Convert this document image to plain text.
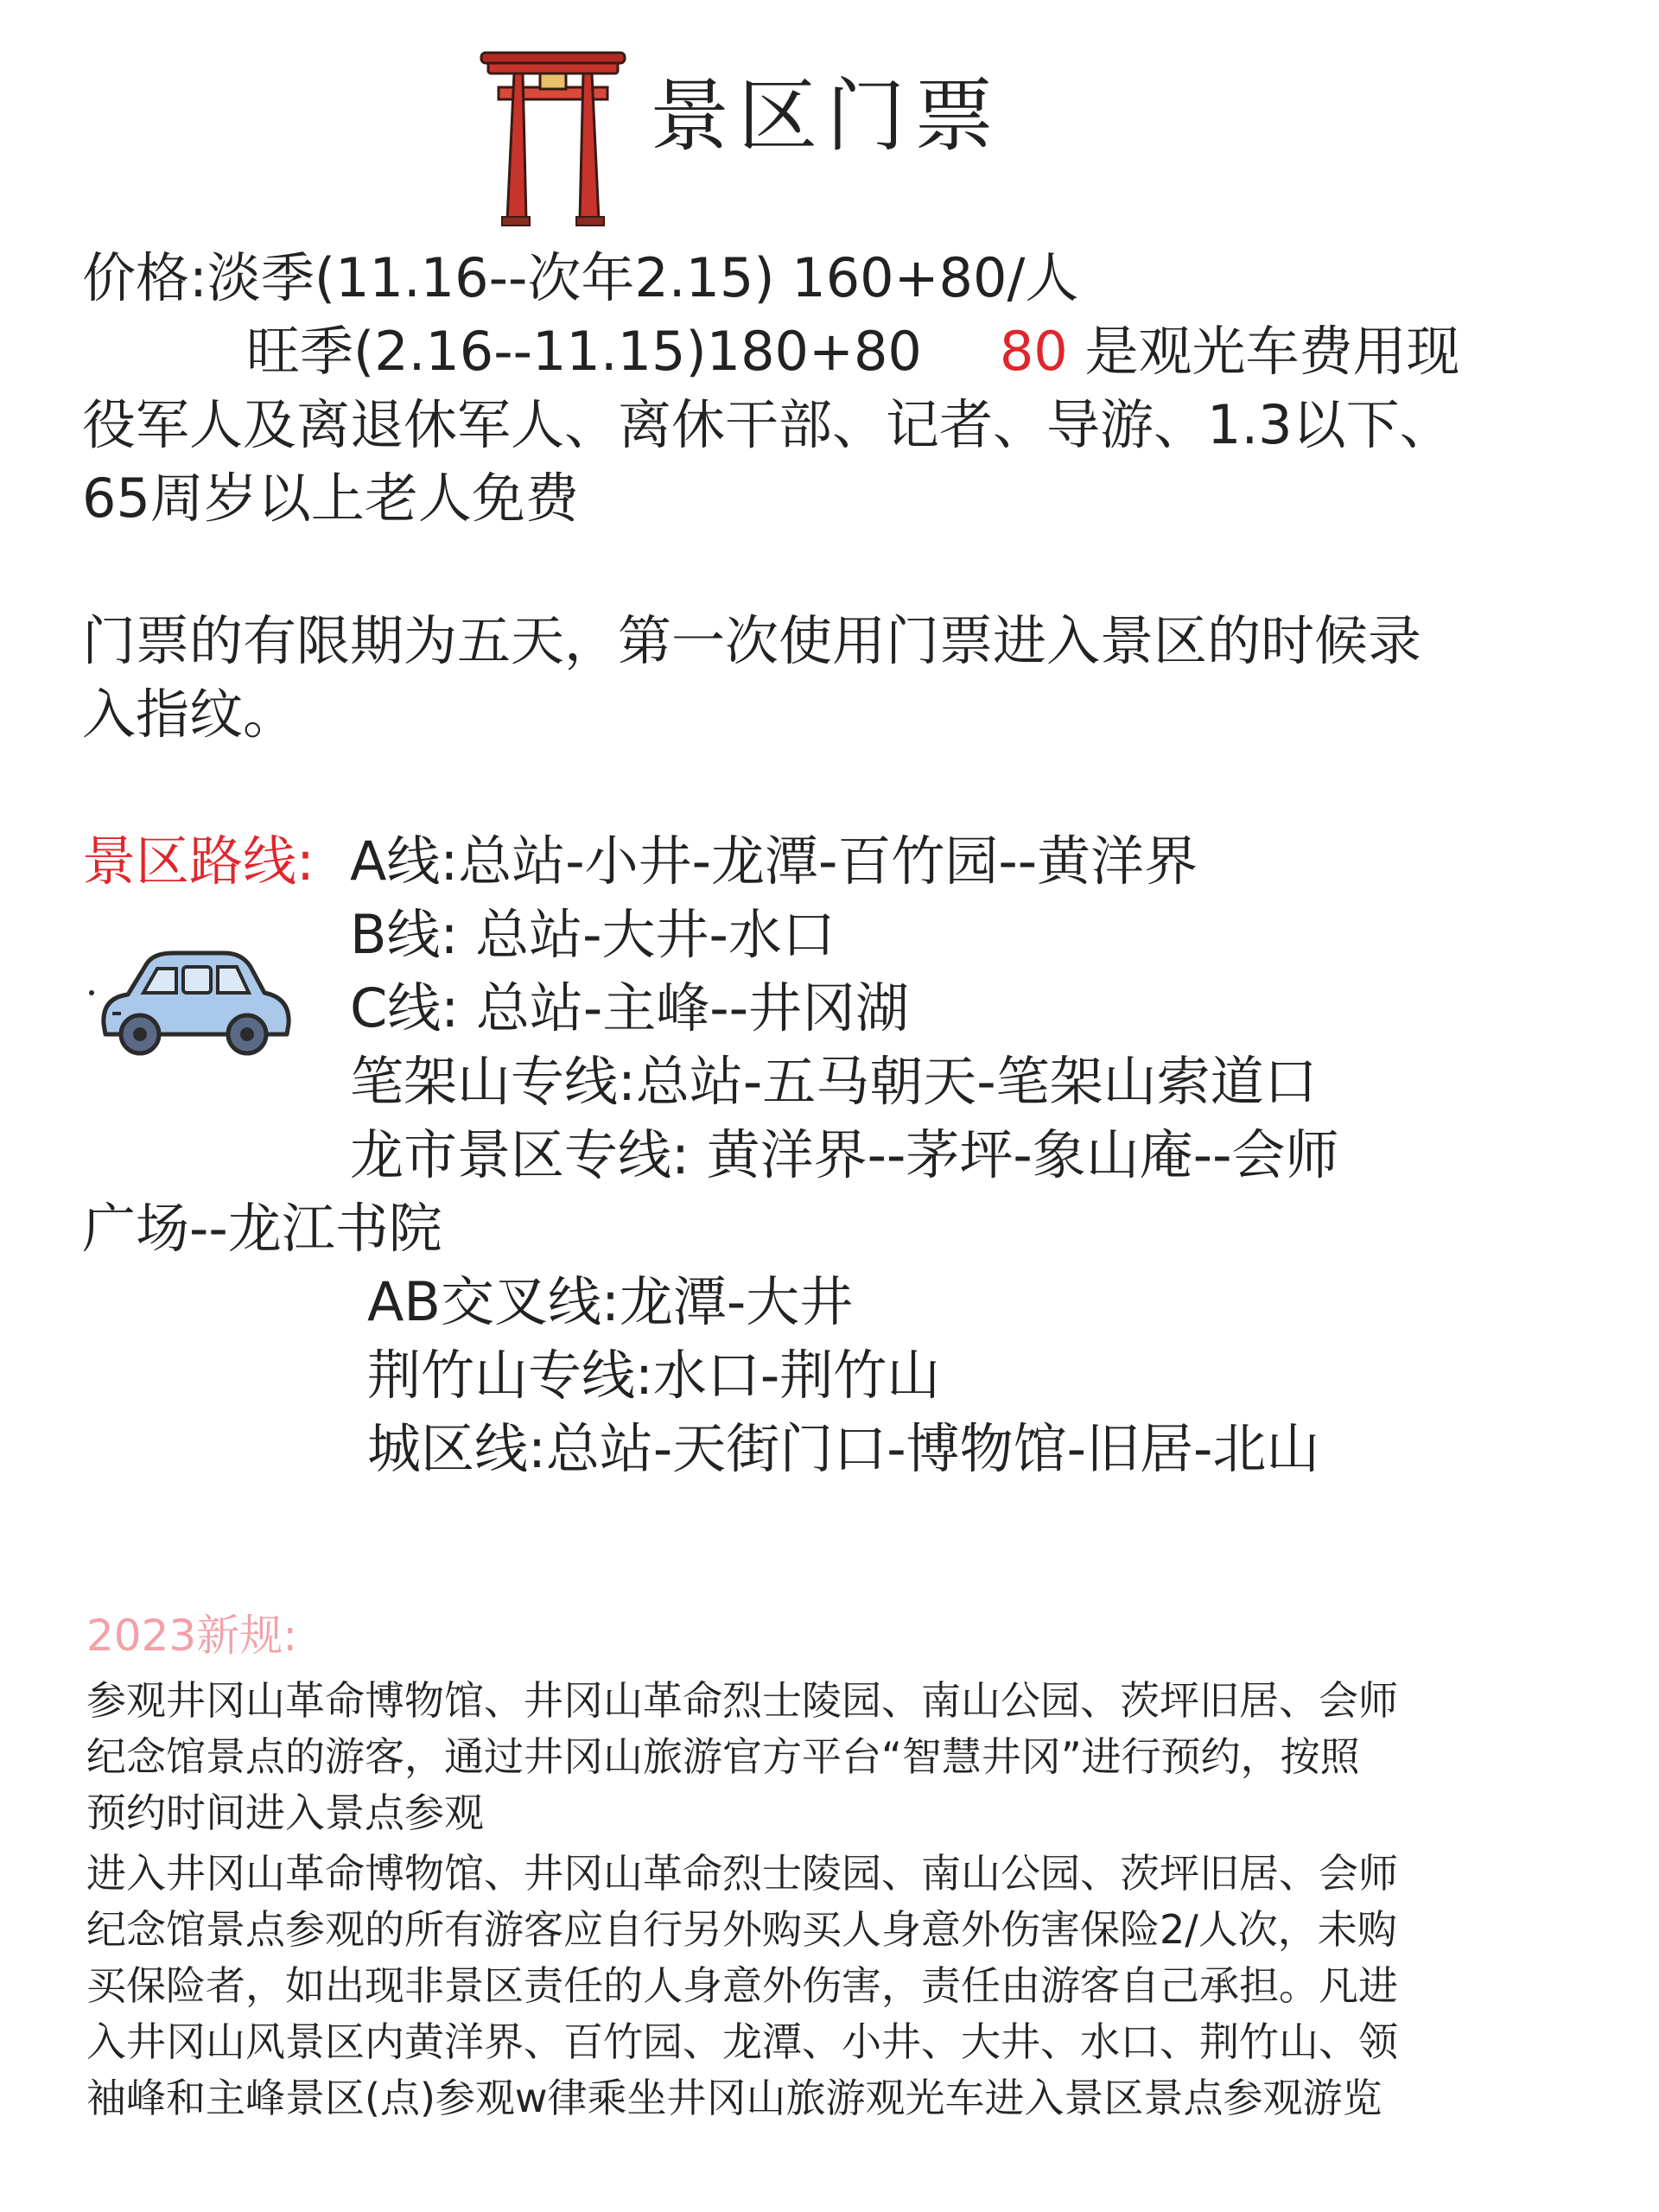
景区门票
价格:淡季(11.16--次年2.15) 160+80/人
旺季(2.16--11.15)180+80 80 是观光车费用现
役军人及离退休军人、离休干部、记者、导游、1.3以下、
65周岁以上老人免费
门票的有限期为五天，第一次使用门票进入景区的时候录
入指纹。
景区路线: A线:总站-小井-龙潭-百竹园--黄洋界
B线: 总站-大井-水口
C线: 总站-主峰--井冈湖
笔架山专线:总站-五马朝天-笔架山索道口
龙市景区专线: 黄洋界--茅坪-象山庵--会师
广场--龙江书院
AB交叉线:龙潭-大井
荆竹山专线:水口-荆竹山
城区线:总站-天街门口-博物馆-旧居-北山
2023新规:
参观井冈山革命博物馆、井冈山革命烈士陵园、南山公园、茨坪旧居、会师
纪念馆景点的游客，通过井冈山旅游官方平台“智慧井冈”进行预约，按照
预约时间进入景点参观
进入井冈山革命博物馆、井冈山革命烈士陵园、南山公园、茨坪旧居、会师
纪念馆景点参观的所有游客应自行另外购买人身意外伤害保险2/人次，未购
买保险者，如出现非景区责任的人身意外伤害，责任由游客自己承担。凡进
入井冈山风景区内黄洋界、百竹园、龙潭、小井、大井、水口、荆竹山、领
袖峰和主峰景区(点)参观w律乘坐井冈山旅游观光车进入景区景点参观游览
